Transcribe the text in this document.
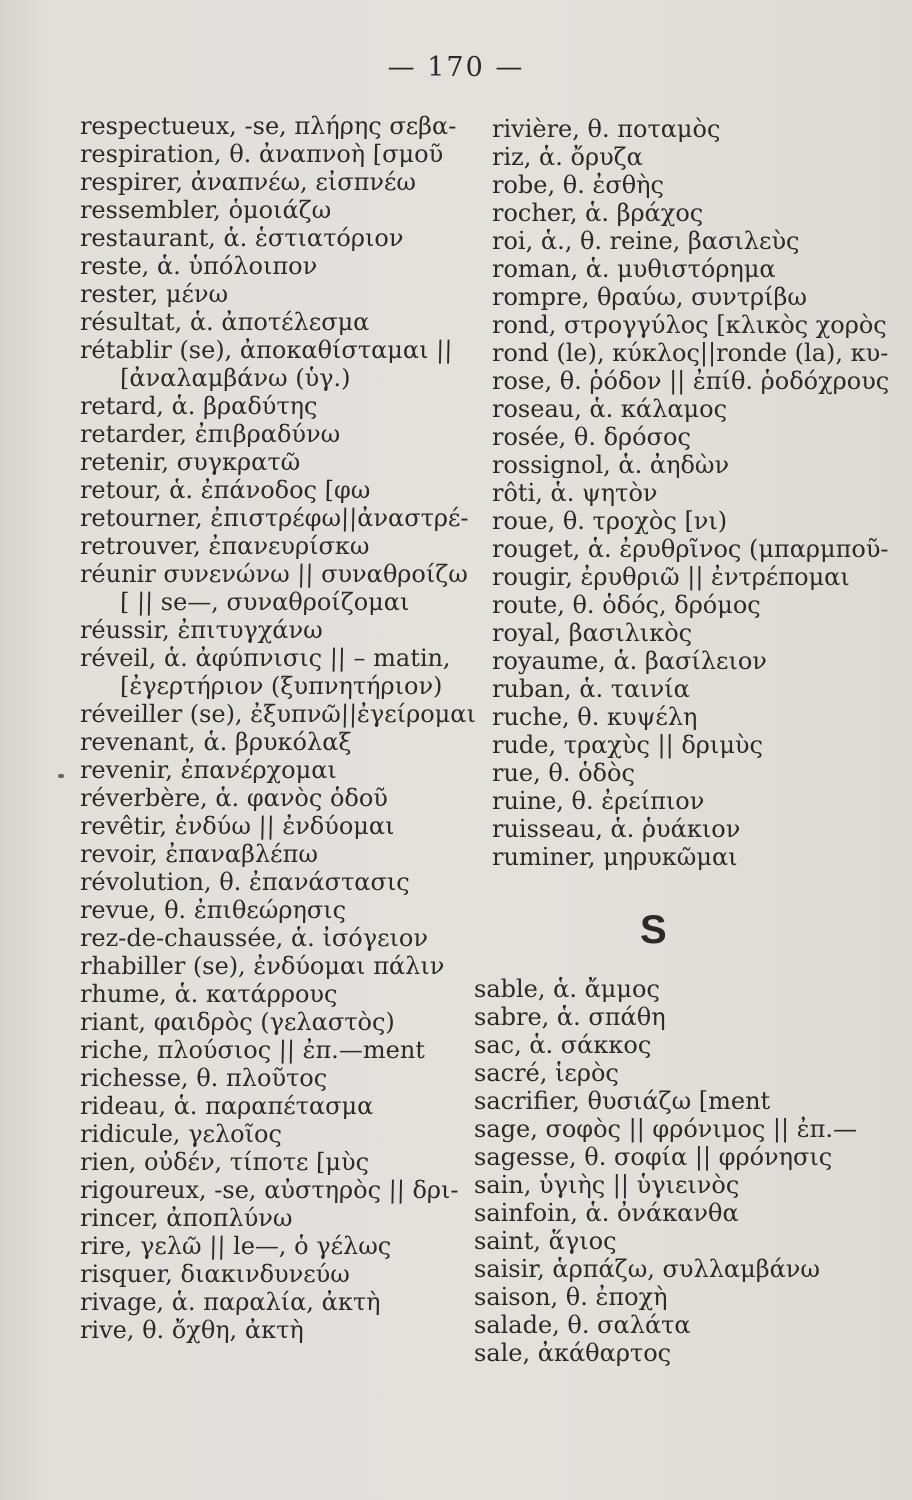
— 170 —
respectueux, -se, πλήρης σεβα-
respiration, θ. ἀναπνοὴ [σμοῦ
respirer, ἀναπνέω, εἰσπνέω
ressembler, ὁμοιάζω
restaurant, ἁ. ἑστιατόριον
reste, ἁ. ὑπόλοιπον
rester, μένω
résultat, ἁ. ἀποτέλεσμα
rétablir (se), ἀποκαθίσταμαι ||
[ἀναλαμβάνω (ὑγ.)
retard, ἁ. βραδύτης
retarder, ἐπιβραδύνω
retenir, συγκρατῶ
retour, ἁ. ἐπάνοδος [φω
retourner, ἐπιστρέφω||ἀναστρέ-
retrouver, ἐπανευρίσκω
réunir συνενώνω || συναθροίζω
[ || se—, συναθροίζομαι
réussir, ἐπιτυγχάνω
réveil, ἁ. ἀφύπνισις || – matin,
[ἐγερτήριον (ξυπνητήριον)
réveiller (se), ἐξυπνῶ||ἐγείρομαι
revenant, ἁ. βρυκόλαξ
revenir, ἐπανέρχομαι
réverbère, ἁ. φανὸς ὁδοῦ
revêtir, ἐνδύω || ἐνδύομαι
revoir, ἐπαναβλέπω
révolution, θ. ἐπανάστασις
revue, θ. ἐπιθεώρησις
rez-de-chaussée, ἁ. ἰσόγειον
rhabiller (se), ἐνδύομαι πάλιν
rhume, ἁ. κατάρρους
riant, φαιδρὸς (γελαστὸς)
riche, πλούσιος || ἐπ.—ment
richesse, θ. πλοῦτος
rideau, ἁ. παραπέτασμα
ridicule, γελοῖος
rien, οὐδέν, τίποτε [μὺς
rigoureux, -se, αὐστηρὸς || δρι-
rincer, ἀποπλύνω
rire, γελῶ || le—, ὁ γέλως
risquer, διακινδυνεύω
rivage, ἁ. παραλία, ἀκτὴ
rive, θ. ὄχθη, ἀκτὴ
rivière, θ. ποταμὸς
riz, ἁ. ὄρυζα
robe, θ. ἐσθὴς
rocher, ἁ. βράχος
roi, ἁ., θ. reine, βασιλεὺς
roman, ἁ. μυθιστόρημα
rompre, θραύω, συντρίβω
rond, στρογγύλος [κλικὸς χορὸς
rond (le), κύκλος||ronde (la), κυ-
rose, θ. ῥόδον || ἐπίθ. ῥοδόχρους
roseau, ἁ. κάλαμος
rosée, θ. δρόσος
rossignol, ἁ. ἀηδὼν
rôti, ἁ. ψητὸν
roue, θ. τροχὸς [νι)
rouget, ἁ. ἐρυθρῖνος (μπαρμποῦ-
rougir, ἐρυθριῶ || ἐντρέπομαι
route, θ. ὁδός, δρόμος
royal, βασιλικὸς
royaume, ἁ. βασίλειον
ruban, ἁ. ταινία
ruche, θ. κυψέλη
rude, τραχὺς || δριμὺς
rue, θ. ὁδὸς
ruine, θ. ἐρείπιον
ruisseau, ἁ. ῥυάκιον
ruminer, μηρυκῶμαι
S
sable, ἁ. ἄμμος
sabre, ἁ. σπάθη
sac, ἁ. σάκκος
sacré, ἱερὸς
sacrifier, θυσιάζω [ment
sage, σοφὸς || φρόνιμος || ἐπ.—
sagesse, θ. σοφία || φρόνησις
sain, ὑγιὴς || ὑγιεινὸς
sainfoin, ἁ. ὀνάκανθα
saint, ἅγιος
saisir, ἁρπάζω, συλλαμβάνω
saison, θ. ἐποχὴ
salade, θ. σαλάτα
sale, ἀκάθαρτος
